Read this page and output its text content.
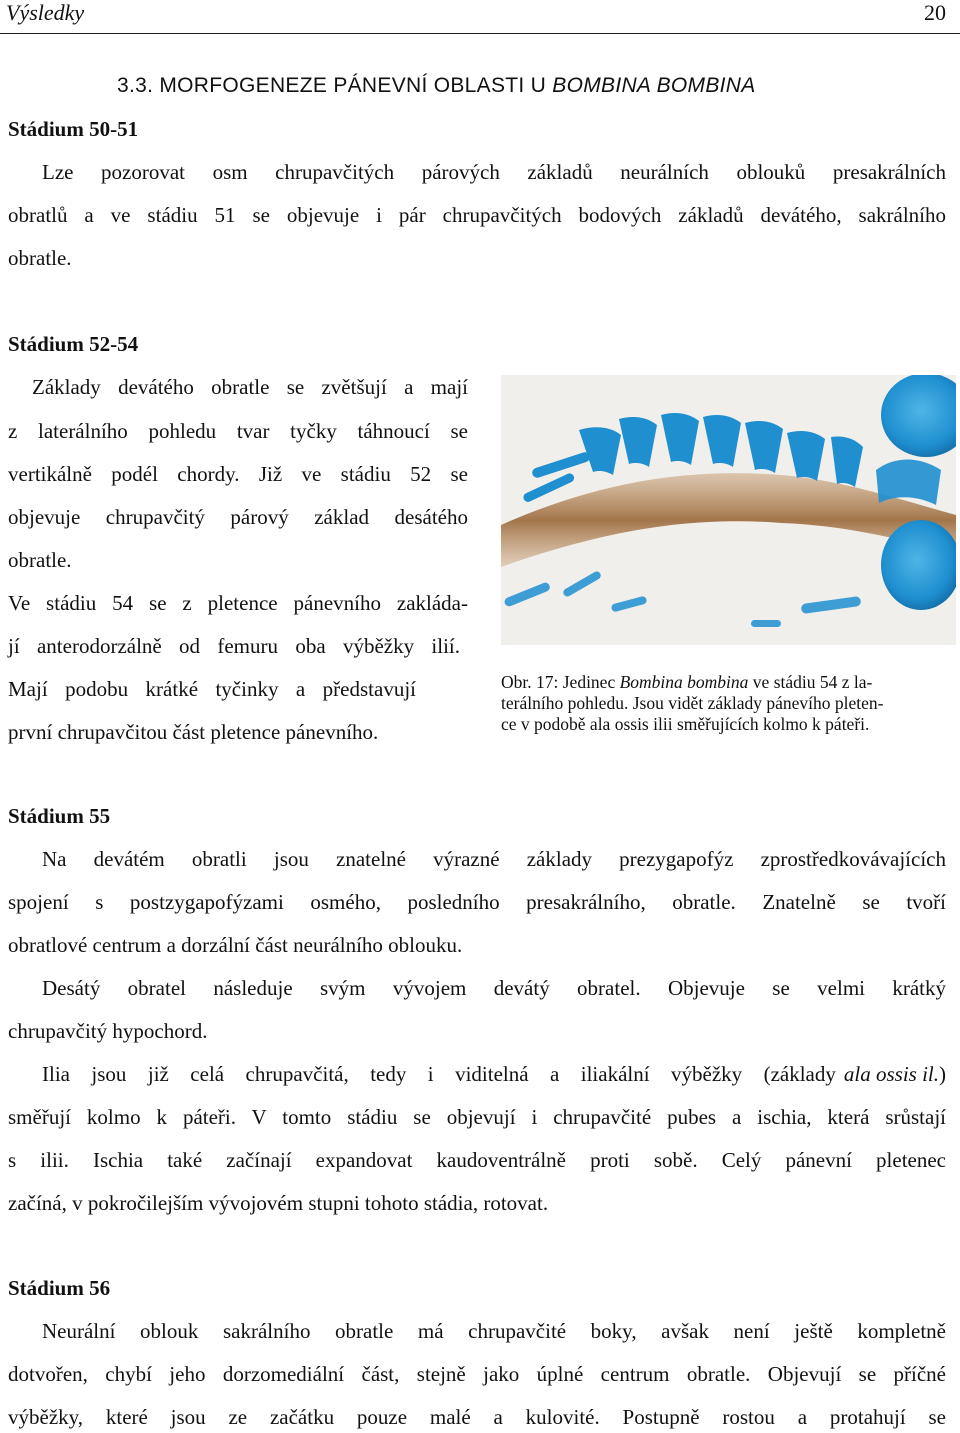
Výsledky	20
3.3. MORFOGENEZE PÁNEVNÍ OBLASTI U BOMBINA BOMBINA
Stádium 50-51
Lze pozorovat osm chrupavčitých párových základů neurálních oblouků presakrálních
obratlů a ve stádiu 51 se objevuje i pár chrupavčitých bodových základů devátého, sakrálního
obratle.
Stádium 52-54
Základy devátého obratle se zvětšují a mají
z laterálního pohledu tvar tyčky táhnoucí se
vertikálně podél chordy. Již ve stádiu 52 se
objevuje chrupavčitý párový základ desátého
obratle.
Ve stádiu 54 se z pletence pánevního zakláda-
jí anterodorzálně od femuru oba výběžky ilií.
Mají podobu krátké tyčinky a představují
první chrupavčitou část pletence pánevního.
Obr. 17: Jedinec Bombina bombina ve stádiu 54 z la-
terálního pohledu. Jsou vidět základy pánevího pleten-
ce v podobě ala ossis ilii směřujících kolmo k páteři.
Stádium 55
Na devátém obratli jsou znatelné výrazné základy prezygapofýz zprostředkovávajících
spojení s postzygapofýzami osmého, posledního presakrálního, obratle. Znatelně se tvoří
obratlové centrum a dorzální část neurálního oblouku.
Desátý obratel následuje svým vývojem devátý obratel. Objevuje se velmi krátký
chrupavčitý hypochord.
Ilia jsou již celá chrupavčitá, tedy i viditelná a iliakální výběžky (základy ala ossis il.)
směřují kolmo k páteři. V tomto stádiu se objevují i chrupavčité pubes a ischia, která srůstají
s ilii. Ischia také začínají expandovat kaudoventrálně proti sobě. Celý pánevní pletenec
začíná, v pokročilejším vývojovém stupni tohoto stádia, rotovat.
Stádium 56
Neurální oblouk sakrálního obratle má chrupavčité boky, avšak není ještě kompletně
dotvořen, chybí jeho dorzomediální část, stejně jako úplné centrum obratle. Objevují se příčné
výběžky, které jsou ze začátku pouze malé a kulovité. Postupně rostou a protahují se
